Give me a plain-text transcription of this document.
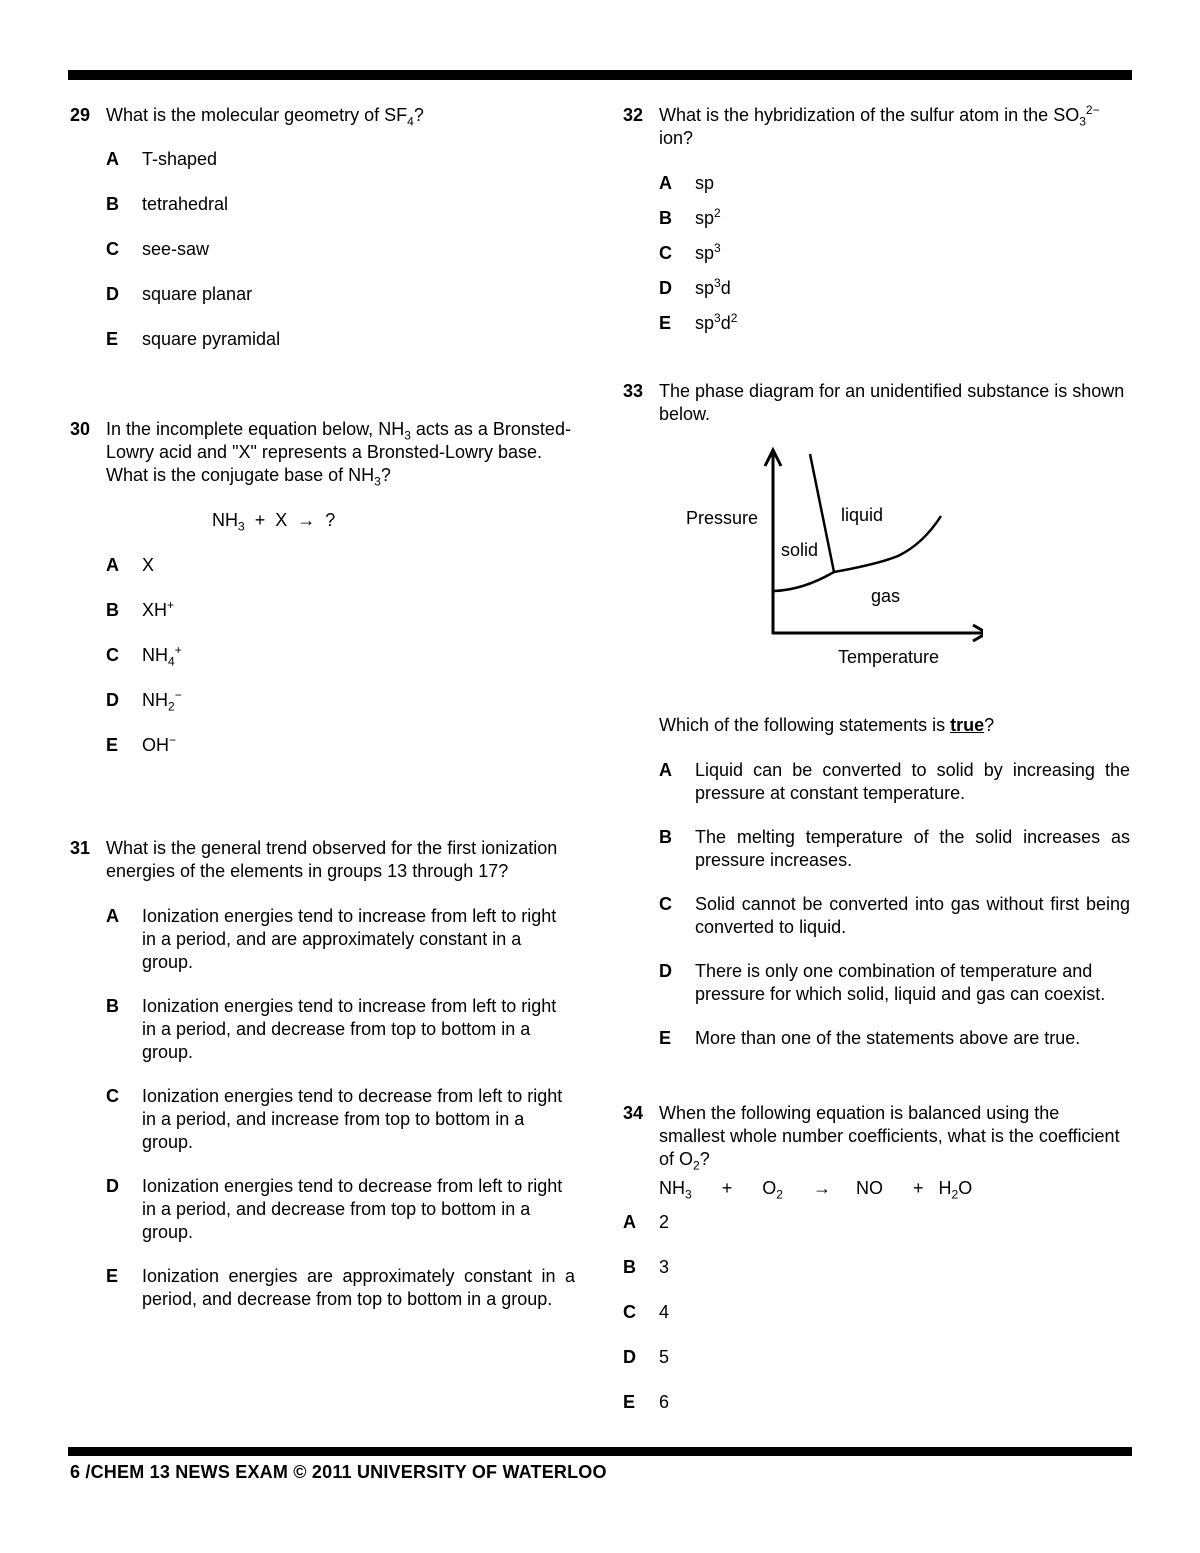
29 What is the molecular geometry of $SF_4$?
A T-shaped
B tetrahedral
C see-saw
D square planar
E square pyramidal
30 In the incomplete equation below, $NH_3$ acts as a Bronsted-Lowry acid and "X" represents a Bronsted-Lowry base. What is the conjugate base of $NH_3$?
$NH_3 + X$ → ?
A X
B XH+
C $NH_4^+$
D $NH_2^-$
E OH−
31 What is the general trend observed for the first ionization energies of the elements in groups 13 through 17?
A Ionization energies tend to increase from left to right in a period, and are approximately constant in a group.
B Ionization energies tend to increase from left to right in a period, and decrease from top to bottom in a group.
C Ionization energies tend to decrease from left to right in a period, and increase from top to bottom in a group.
D Ionization energies tend to decrease from left to right in a period, and decrease from top to bottom in a group.
E Ionization energies are approximately constant in a period, and decrease from top to bottom in a group.
32 What is the hybridization of the sulfur atom in the $SO_3^{2-}$ ion?
A sp
B $sp^2$
C $sp^3$
D $sp^3d$
E $sp^3d^2$
33 The phase diagram for an unidentified substance is shown below.
Pressure
solid
liquid
gas
Temperature
Which of the following statements is true?
A Liquid can be converted to solid by increasing the pressure at constant temperature.
B The melting temperature of the solid increases as pressure increases.
C Solid cannot be converted into gas without first being converted to liquid.
D There is only one combination of temperature and pressure for which solid, liquid and gas can coexist.
E More than one of the statements above are true.
34 When the following equation is balanced using the smallest whole number coefficients, what is the coefficient of $O_2$?
$NH_3 + O_2$ → NO + $H_2O$
A 2
B 3
C 4
D 5
E 6
6 /CHEM 13 NEWS EXAM © 2011 UNIVERSITY OF WATERLOO
